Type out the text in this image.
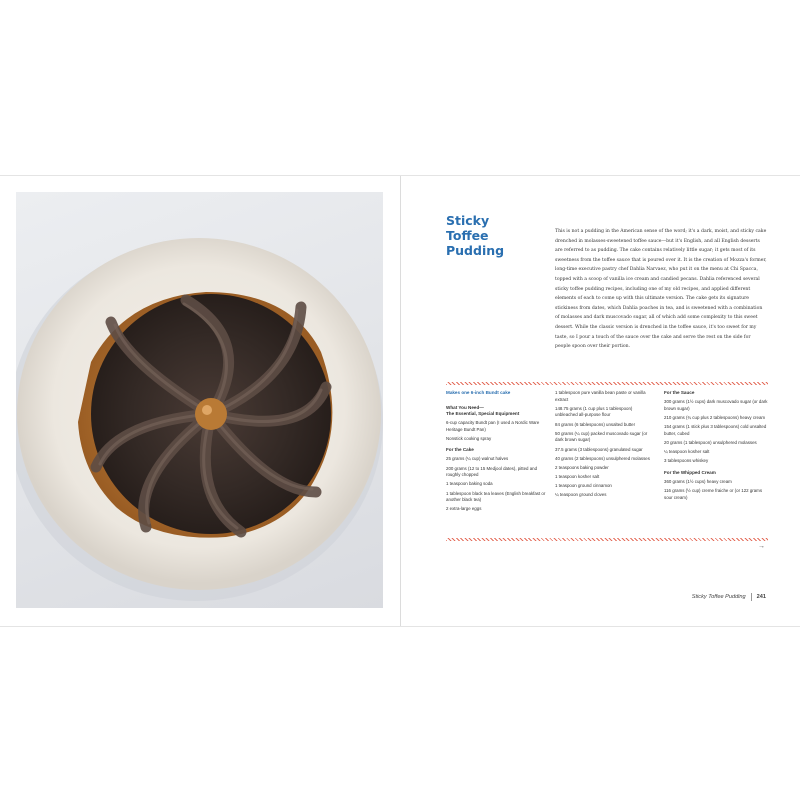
Sticky Toffee Pudding

This is not a pudding in the American sense of the word; it's a dark, moist, and sticky cake drenched in molasses-sweetened toffee sauce—but it's English, and all English desserts are referred to as pudding. The cake contains relatively little sugar; it gets most of its sweetness from the toffee sauce that is poured over it. It is the creation of Mozza's former, long-time executive pastry chef Dahlia Narvaez, who put it on the menu at Chi Spacca, topped with a scoop of vanilla ice cream and candied pecans. Dahlia referenced several sticky toffee pudding recipes, including one of my old recipes, and applied different elements of each to come up with this ultimate version. The cake gets its signature stickiness from dates, which Dahlia poaches in tea, and is sweetened with a combination of molasses and dark muscovado sugar, all of which add some complexity to this sweet dessert. While the classic version is drenched in the toffee sauce, it's too sweet for my taste, so I pour a touch of the sauce over the cake and serve the rest on the side for people spoon over their portion.

Makes one 6-inch Bundt cake

What You Need—
The Essential, Special Equipment

6-cup capacity Bundt pan (I used a Nordic Ware Heritage Bundt Pan)

Nonstick cooking spray

For the Cake

25 grams (¼ cup) walnut halves

200 grams (12 to 15 Medjool dates), pitted and roughly chopped

1 teaspoon baking soda

1 tablespoon black tea leaves (English breakfast or another black tea)

2 extra-large eggs

1 tablespoon pure vanilla bean paste or vanilla extract

148.75 grams (1 cup plus 1 tablespoon) unbleached all-purpose flour

84 grams (6 tablespoons) unsalted butter

50 grams (¼ cup) packed muscovado sugar (or dark brown sugar)

37.5 grams (3 tablespoons) granulated sugar

40 grams (2 tablespoons) unsulphered molasses

2 teaspoons baking powder

1 teaspoon kosher salt

1 teaspoon ground cinnamon

¼ teaspoon ground cloves

For the Sauce

300 grams (1½ cups) dark muscovado sugar (or dark brown sugar)

210 grams (¾ cup plus 2 tablespoons) heavy cream

154 grams (1 stick plus 3 tablespoons) cold unsalted butter, cubed

20 grams (1 tablespoon) unsulphered molasses

¼ teaspoon kosher salt

3 tablespoons whiskey

For the Whipped Cream

360 grams (1½ cups) heavy cream

116 grams (½ cup) creme fraiche or (or 122 grams sour cream)

→
Sticky Toffee Pudding 241
